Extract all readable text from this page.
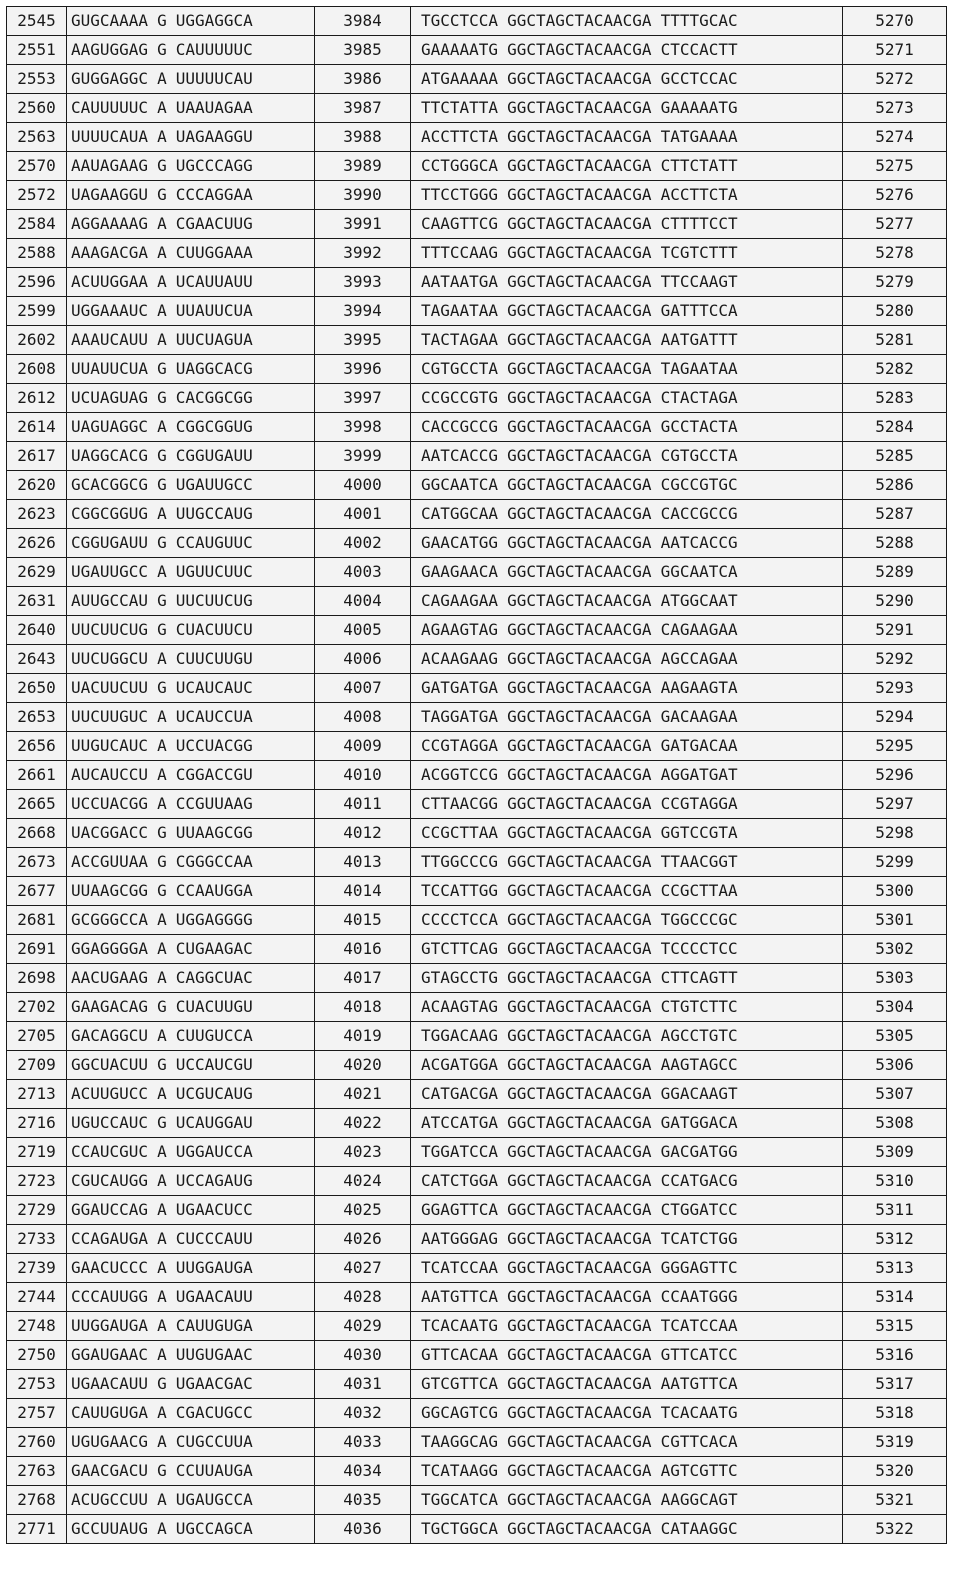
2545	GUGCAAAA G UGGAGGCA	3984	TGCCTCCA GGCTAGCTACAACGA TTTTGCAC	5270
2551	AAGUGGAG G CAUUUUUC	3985	GAAAAATG GGCTAGCTACAACGA CTCCACTT	5271
2553	GUGGAGGC A UUUUUCAU	3986	ATGAAAAA GGCTAGCTACAACGA GCCTCCAC	5272
2560	CAUUUUUC A UAAUAGAA	3987	TTCTATTA GGCTAGCTACAACGA GAAAAATG	5273
2563	UUUUCAUA A UAGAAGGU	3988	ACCTTCTA GGCTAGCTACAACGA TATGAAAA	5274
2570	AAUAGAAG G UGCCCAGG	3989	CCTGGGCA GGCTAGCTACAACGA CTTCTATT	5275
2572	UAGAAGGU G CCCAGGAA	3990	TTCCTGGG GGCTAGCTACAACGA ACCTTCTA	5276
2584	AGGAAAAG A CGAACUUG	3991	CAAGTTCG GGCTAGCTACAACGA CTTTTCCT	5277
2588	AAAGACGA A CUUGGAAA	3992	TTTCCAAG GGCTAGCTACAACGA TCGTCTTT	5278
2596	ACUUGGAA A UCAUUAUU	3993	AATAATGA GGCTAGCTACAACGA TTCCAAGT	5279
2599	UGGAAAUC A UUAUUCUA	3994	TAGAATAA GGCTAGCTACAACGA GATTTCCA	5280
2602	AAAUCAUU A UUCUAGUA	3995	TACTAGAA GGCTAGCTACAACGA AATGATTT	5281
2608	UUAUUCUA G UAGGCACG	3996	CGTGCCTA GGCTAGCTACAACGA TAGAATAA	5282
2612	UCUAGUAG G CACGGCGG	3997	CCGCCGTG GGCTAGCTACAACGA CTACTAGA	5283
2614	UAGUAGGC A CGGCGGUG	3998	CACCGCCG GGCTAGCTACAACGA GCCTACTA	5284
2617	UAGGCACG G CGGUGAUU	3999	AATCACCG GGCTAGCTACAACGA CGTGCCTA	5285
2620	GCACGGCG G UGAUUGCC	4000	GGCAATCA GGCTAGCTACAACGA CGCCGTGC	5286
2623	CGGCGGUG A UUGCCAUG	4001	CATGGCAA GGCTAGCTACAACGA CACCGCCG	5287
2626	CGGUGAUU G CCAUGUUC	4002	GAACATGG GGCTAGCTACAACGA AATCACCG	5288
2629	UGAUUGCC A UGUUCUUC	4003	GAAGAACA GGCTAGCTACAACGA GGCAATCA	5289
2631	AUUGCCAU G UUCUUCUG	4004	CAGAAGAA GGCTAGCTACAACGA ATGGCAAT	5290
2640	UUCUUCUG G CUACUUCU	4005	AGAAGTAG GGCTAGCTACAACGA CAGAAGAA	5291
2643	UUCUGGCU A CUUCUUGU	4006	ACAAGAAG GGCTAGCTACAACGA AGCCAGAA	5292
2650	UACUUCUU G UCAUCAUC	4007	GATGATGA GGCTAGCTACAACGA AAGAAGTA	5293
2653	UUCUUGUC A UCAUCCUA	4008	TAGGATGA GGCTAGCTACAACGA GACAAGAA	5294
2656	UUGUCAUC A UCCUACGG	4009	CCGTAGGA GGCTAGCTACAACGA GATGACAA	5295
2661	AUCAUCCU A CGGACCGU	4010	ACGGTCCG GGCTAGCTACAACGA AGGATGAT	5296
2665	UCCUACGG A CCGUUAAG	4011	CTTAACGG GGCTAGCTACAACGA CCGTAGGA	5297
2668	UACGGACC G UUAAGCGG	4012	CCGCTTAA GGCTAGCTACAACGA GGTCCGTA	5298
2673	ACCGUUAA G CGGGCCAA	4013	TTGGCCCG GGCTAGCTACAACGA TTAACGGT	5299
2677	UUAAGCGG G CCAAUGGA	4014	TCCATTGG GGCTAGCTACAACGA CCGCTTAA	5300
2681	GCGGGCCA A UGGAGGGG	4015	CCCCTCCA GGCTAGCTACAACGA TGGCCCGC	5301
2691	GGAGGGGA A CUGAAGAC	4016	GTCTTCAG GGCTAGCTACAACGA TCCCCTCC	5302
2698	AACUGAAG A CAGGCUAC	4017	GTAGCCTG GGCTAGCTACAACGA CTTCAGTT	5303
2702	GAAGACAG G CUACUUGU	4018	ACAAGTAG GGCTAGCTACAACGA CTGTCTTC	5304
2705	GACAGGCU A CUUGUCCA	4019	TGGACAAG GGCTAGCTACAACGA AGCCTGTC	5305
2709	GGCUACUU G UCCAUCGU	4020	ACGATGGA GGCTAGCTACAACGA AAGTAGCC	5306
2713	ACUUGUCC A UCGUCAUG	4021	CATGACGA GGCTAGCTACAACGA GGACAAGT	5307
2716	UGUCCAUC G UCAUGGAU	4022	ATCCATGA GGCTAGCTACAACGA GATGGACA	5308
2719	CCAUCGUC A UGGAUCCA	4023	TGGATCCA GGCTAGCTACAACGA GACGATGG	5309
2723	CGUCAUGG A UCCAGAUG	4024	CATCTGGA GGCTAGCTACAACGA CCATGACG	5310
2729	GGAUCCAG A UGAACUCC	4025	GGAGTTCA GGCTAGCTACAACGA CTGGATCC	5311
2733	CCAGAUGA A CUCCCAUU	4026	AATGGGAG GGCTAGCTACAACGA TCATCTGG	5312
2739	GAACUCCC A UUGGAUGA	4027	TCATCCAA GGCTAGCTACAACGA GGGAGTTC	5313
2744	CCCAUUGG A UGAACAUU	4028	AATGTTCA GGCTAGCTACAACGA CCAATGGG	5314
2748	UUGGAUGA A CAUUGUGA	4029	TCACAATG GGCTAGCTACAACGA TCATCCAA	5315
2750	GGAUGAAC A UUGUGAAC	4030	GTTCACAA GGCTAGCTACAACGA GTTCATCC	5316
2753	UGAACAUU G UGAACGAC	4031	GTCGTTCA GGCTAGCTACAACGA AATGTTCA	5317
2757	CAUUGUGA A CGACUGCC	4032	GGCAGTCG GGCTAGCTACAACGA TCACAATG	5318
2760	UGUGAACG A CUGCCUUA	4033	TAAGGCAG GGCTAGCTACAACGA CGTTCACA	5319
2763	GAACGACU G CCUUAUGA	4034	TCATAAGG GGCTAGCTACAACGA AGTCGTTC	5320
2768	ACUGCCUU A UGAUGCCA	4035	TGGCATCA GGCTAGCTACAACGA AAGGCAGT	5321
2771	GCCUUAUG A UGCCAGCA	4036	TGCTGGCA GGCTAGCTACAACGA CATAAGGC	5322
